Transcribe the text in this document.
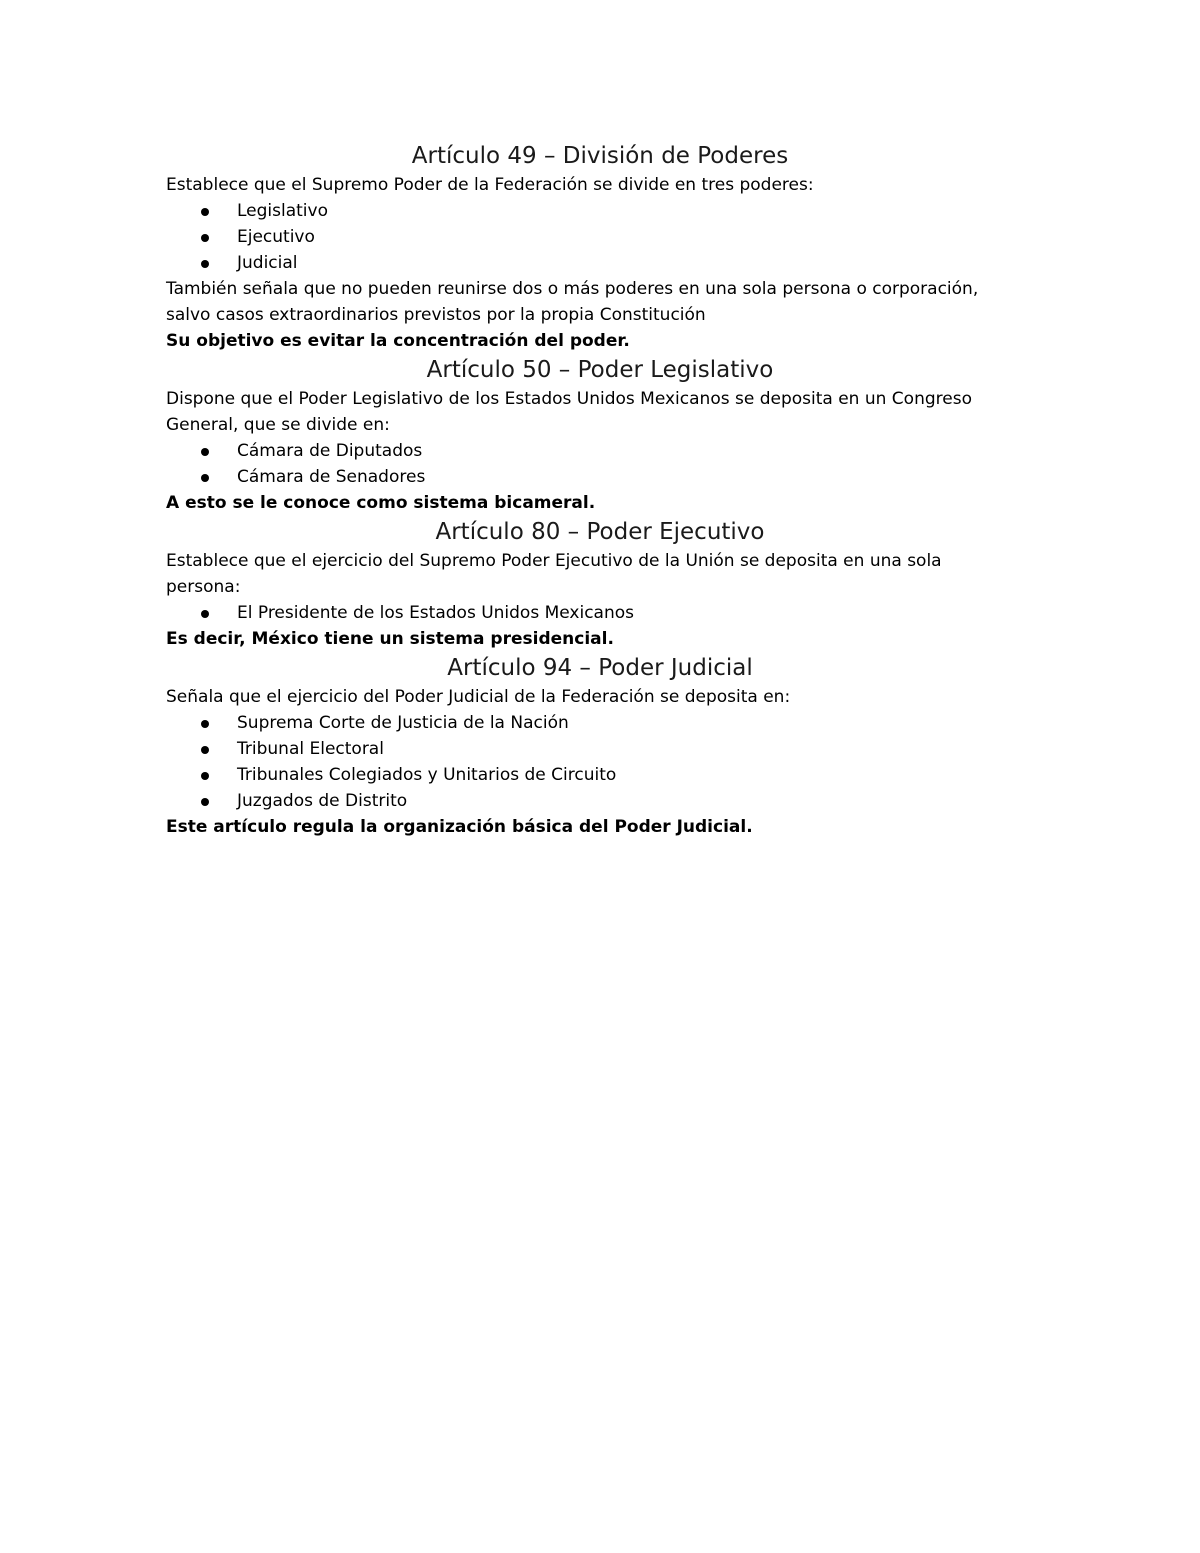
Artículo 49 – División de Poderes

Establece que el Supremo Poder de la Federación se divide en tres poderes:

Legislativo
Ejecutivo
Judicial

También señala que no pueden reunirse dos o más poderes en una sola persona o corporación,

salvo casos extraordinarios previstos por la propia Constitución

Su objetivo es evitar la concentración del poder.

Artículo 50 – Poder Legislativo

Dispone que el Poder Legislativo de los Estados Unidos Mexicanos se deposita en un Congreso

General, que se divide en:

Cámara de Diputados
Cámara de Senadores

A esto se le conoce como sistema bicameral.

Artículo 80 – Poder Ejecutivo

Establece que el ejercicio del Supremo Poder Ejecutivo de la Unión se deposita en una sola

persona:

El Presidente de los Estados Unidos Mexicanos

Es decir, México tiene un sistema presidencial.

Artículo 94 – Poder Judicial

Señala que el ejercicio del Poder Judicial de la Federación se deposita en:

Suprema Corte de Justicia de la Nación
Tribunal Electoral
Tribunales Colegiados y Unitarios de Circuito
Juzgados de Distrito

Este artículo regula la organización básica del Poder Judicial.
